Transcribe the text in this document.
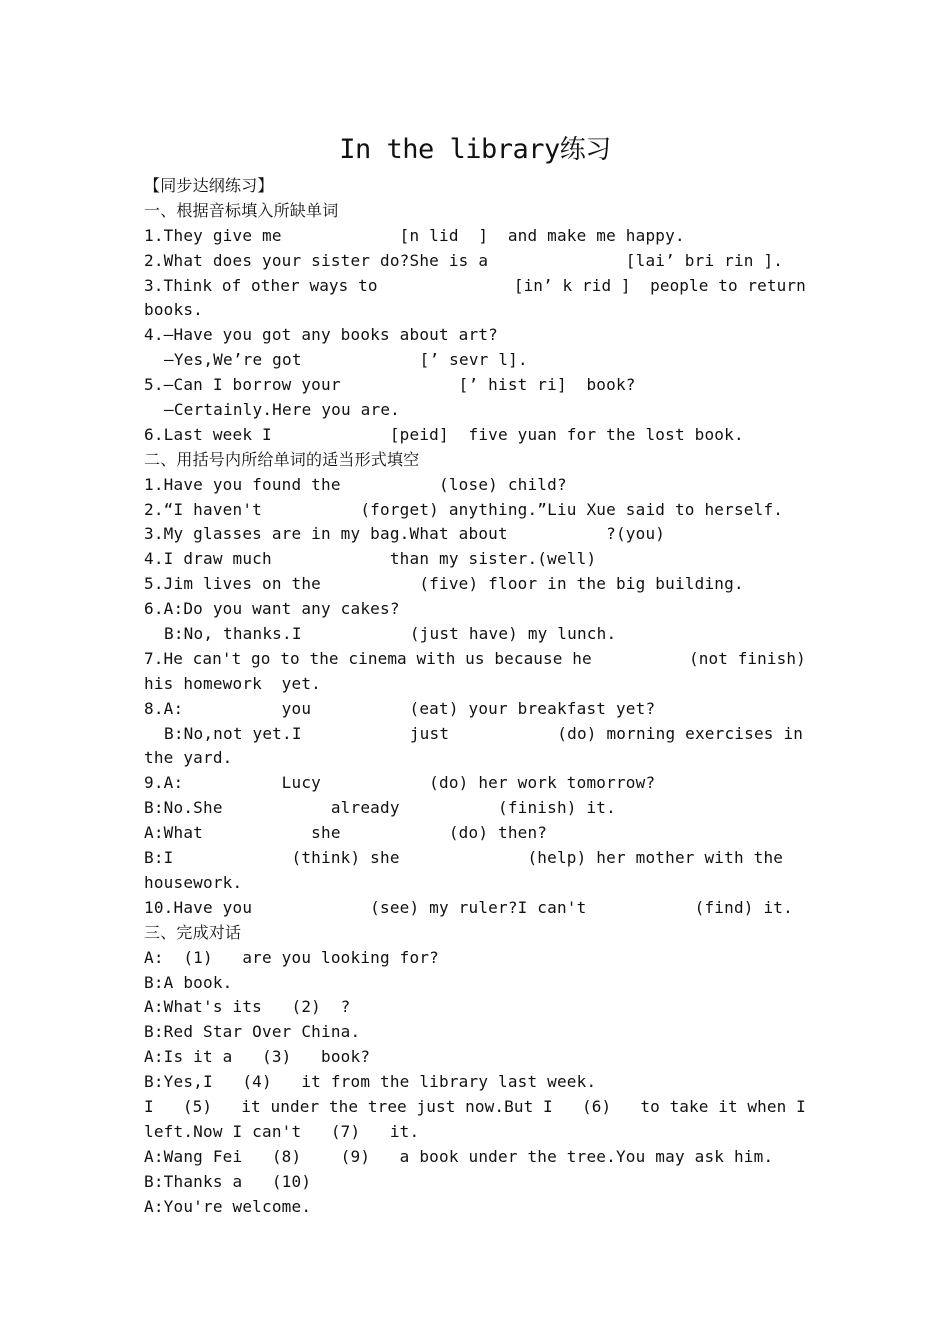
In the library练习
【同步达纲练习】
一、根据音标填入所缺单词
1.They give me            [n lid  ]  and make me happy.
2.What does your sister do?She is a              [lai’ bri rin ].
3.Think of other ways to              [in’ k rid ]  people to return
books.
4.—Have you got any books about art?
—Yes,We’re got            [’ sevr l].
5.—Can I borrow your            [’ hist ri]  book?
—Certainly.Here you are.
6.Last week I            [peid]  five yuan for the lost book.
二、用括号内所给单词的适当形式填空
1.Have you found the          (lose) child?
2.“I haven't          (forget) anything.”Liu Xue said to herself.
3.My glasses are in my bag.What about          ?(you)
4.I draw much            than my sister.(well)
5.Jim lives on the          (five) floor in the big building.
6.A:Do you want any cakes?
B:No, thanks.I           (just have) my lunch.
7.He can't go to the cinema with us because he          (not finish)
his homework  yet.
8.A:          you          (eat) your breakfast yet?
B:No,not yet.I           just           (do) morning exercises in
the yard.
9.A:          Lucy           (do) her work tomorrow?
B:No.She           already          (finish) it.
A:What           she           (do) then?
B:I            (think) she             (help) her mother with the
housework.
10.Have you            (see) my ruler?I can't           (find) it.
三、完成对话
A:  (1)   are you looking for?
B:A book.
A:What's its   (2)  ?
B:Red Star Over China.
A:Is it a   (3)   book?
B:Yes,I   (4)   it from the library last week.
I   (5)   it under the tree just now.But I   (6)   to take it when I
left.Now I can't   (7)   it.
A:Wang Fei   (8)    (9)   a book under the tree.You may ask him.
B:Thanks a   (10)
A:You're welcome.
